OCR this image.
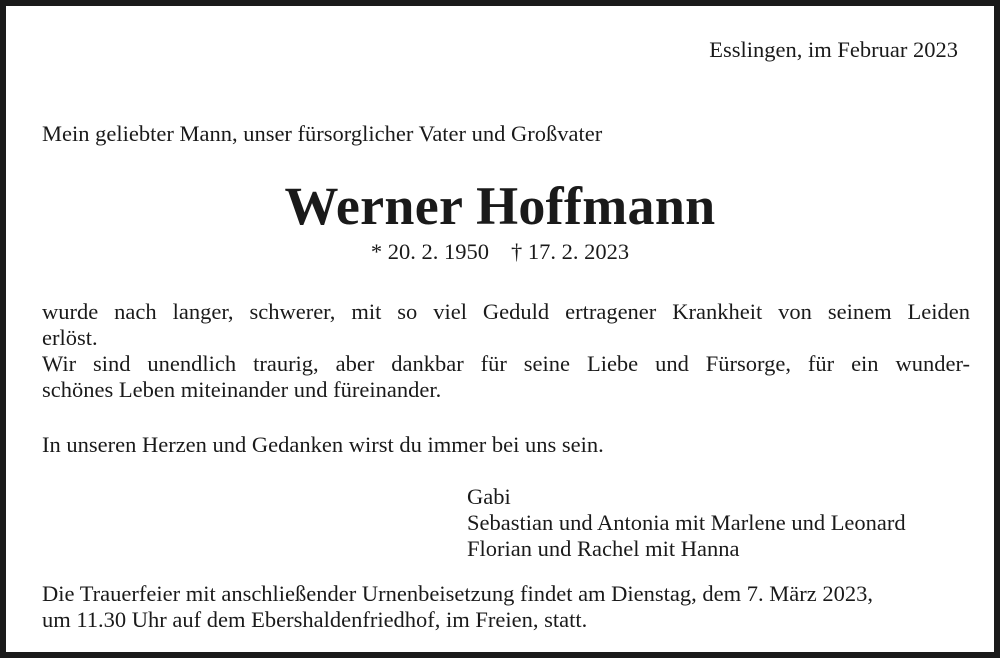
Esslingen, im Februar 2023
Mein geliebter Mann, unser fürsorglicher Vater und Großvater
Werner Hoffmann
* 20. 2. 1950 † 17. 2. 2023
wurde nach langer, schwerer, mit so viel Geduld ertragener Krankheit von seinem Leiden
erlöst.
Wir sind unendlich traurig, aber dankbar für seine Liebe und Fürsorge, für ein wunder-
schönes Leben miteinander und füreinander.
In unseren Herzen und Gedanken wirst du immer bei uns sein.
Gabi
Sebastian und Antonia mit Marlene und Leonard
Florian und Rachel mit Hanna
Die Trauerfeier mit anschließender Urnenbeisetzung findet am Dienstag, dem 7. März 2023,
um 11.30 Uhr auf dem Ebershaldenfriedhof, im Freien, statt.
